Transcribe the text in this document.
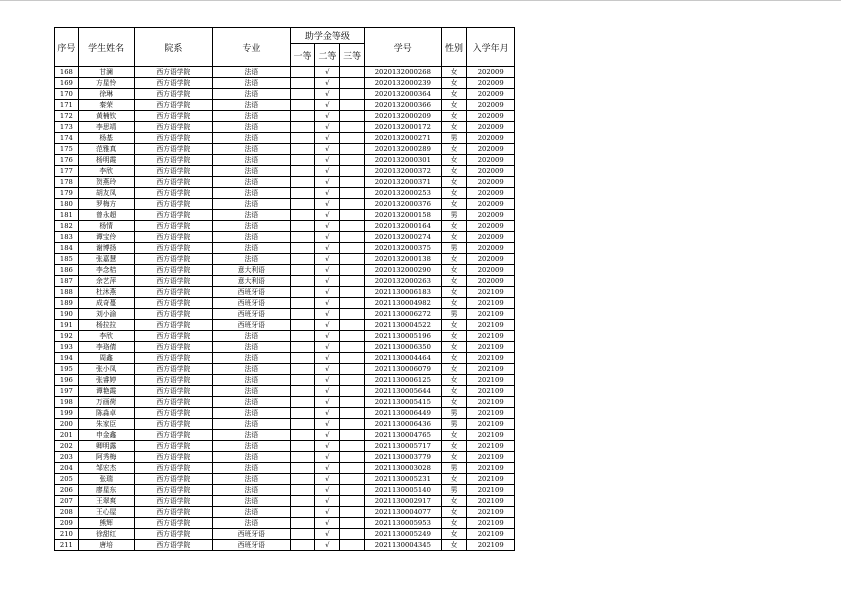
序号	学生姓名	院系	专业	助学金等级			学号	性别	入学年月
				一等	二等	三等			
168	甘澜	西方语学院	法语		√		2020132000268	女	202009
169	方星怜	西方语学院	法语		√		2020132000239	女	202009
170	徐琳	西方语学院	法语		√		2020132000364	女	202009
171	秦荣	西方语学院	法语		√		2020132000366	女	202009
172	黄楠钦	西方语学院	法语		√		2020132000209	女	202009
173	李思靖	西方语学院	法语		√		2020132000172	女	202009
174	杨基	西方语学院	法语		√		2020132000271	男	202009
175	范雅真	西方语学院	法语		√		2020132000289	女	202009
176	杨明霞	西方语学院	法语		√		2020132000301	女	202009
177	李欣	西方语学院	法语		√		2020132000372	女	202009
178	贺燕玲	西方语学院	法语		√		2020132000371	女	202009
179	胡友凤	西方语学院	法语		√		2020132000253	女	202009
180	罗梅方	西方语学院	法语		√		2020132000376	女	202009
181	曾永超	西方语学院	法语		√		2020132000158	男	202009
182	杨情	西方语学院	法语		√		2020132000164	女	202009
183	谭宝伶	西方语学院	法语		√		2020132000274	女	202009
184	谢博扬	西方语学院	法语		√		2020132000375	男	202009
185	张嘉慧	西方语学院	法语		√		2020132000138	女	202009
186	李念桔	西方语学院	意大利语		√		2020132000290	女	202009
187	余艺萍	西方语学院	意大利语		√		2020132000263	女	202009
188	杜沐燕	西方语学院	西班牙语		√		2021130006183	女	202109
189	成奇蔓	西方语学院	西班牙语		√		2021130004982	女	202109
190	刘小渝	西方语学院	西班牙语		√		2021130006272	男	202109
191	杨拉拉	西方语学院	西班牙语		√		2021130004522	女	202109
192	李欣	西方语学院	法语		√		2021130005196	女	202109
193	李珞倩	西方语学院	法语		√		2021130006350	女	202109
194	周鑫	西方语学院	法语		√		2021130004464	女	202109
195	张小凤	西方语学院	法语		√		2021130006079	女	202109
196	张睿婷	西方语学院	法语		√		2021130006125	女	202109
197	谭艳霞	西方语学院	法语		√		2021130005644	女	202109
198	万画荷	西方语学院	法语		√		2021130005415	女	202109
199	陈淼卓	西方语学院	法语		√		2021130006449	男	202109
200	朱家臣	西方语学院	法语		√		2021130006436	男	202109
201	申金鑫	西方语学院	法语		√		2021130004765	女	202109
202	卿明露	西方语学院	法语		√		2021130005717	女	202109
203	阿秀梅	西方语学院	法语		√		2021130003779	女	202109
204	邹宏杰	西方语学院	法语		√		2021130003028	男	202109
205	张瑞	西方语学院	法语		√		2021130005231	女	202109
206	廖星东	西方语学院	法语		√		2021130005140	男	202109
207	王翠爽	西方语学院	法语		√		2021130002917	女	202109
208	王心屋	西方语学院	法语		√		2021130004077	女	202109
209	熊辉	西方语学院	法语		√		2021130005953	女	202109
210	徐甜红	西方语学院	西班牙语		√		2021130005249	女	202109
211	唐培	西方语学院	西班牙语		√		2021130004345	女	202109
